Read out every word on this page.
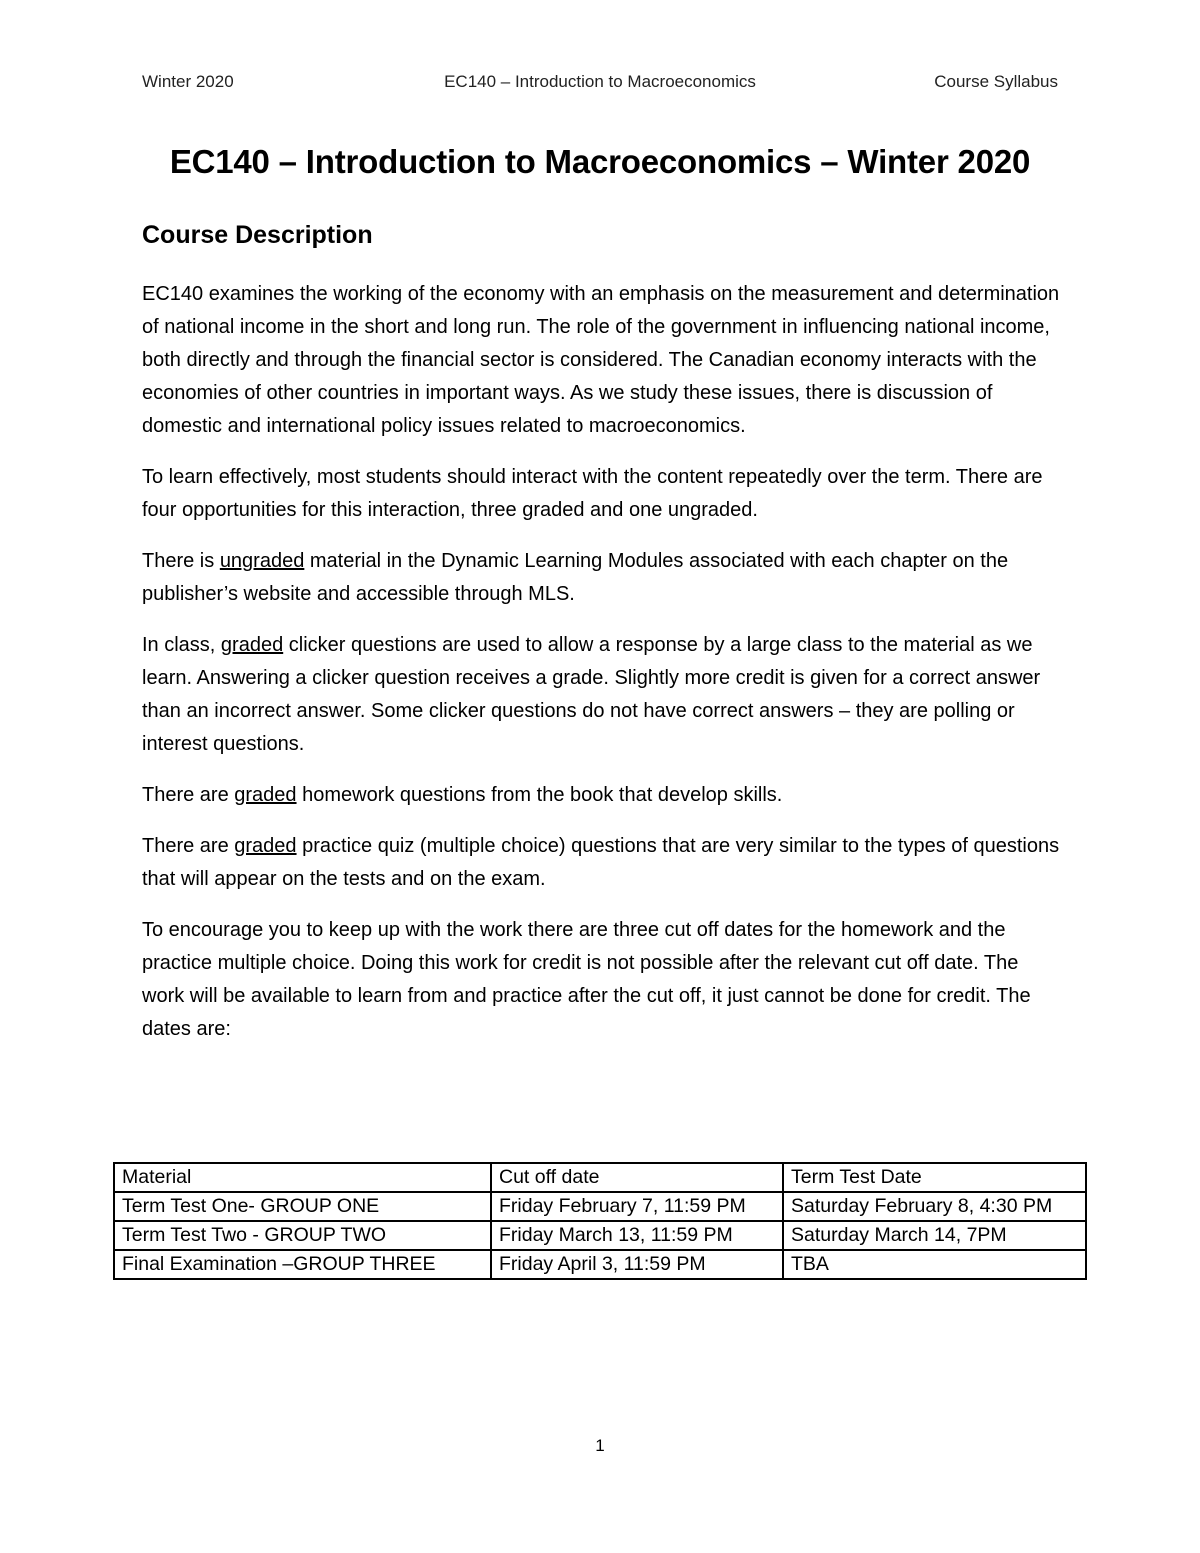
Winter 2020	EC140 – Introduction to Macroeconomics	Course Syllabus
EC140 – Introduction to Macroeconomics – Winter 2020
Course Description

EC140 examines the working of the economy with an emphasis on the measurement and determination of national income in the short and long run. The role of the government in influencing national income, both directly and through the financial sector is considered. The Canadian economy interacts with the economies of other countries in important ways. As we study these issues, there is discussion of domestic and international policy issues related to macroeconomics.

To learn effectively, most students should interact with the content repeatedly over the term. There are four opportunities for this interaction, three graded and one ungraded.

There is ungraded material in the Dynamic Learning Modules associated with each chapter on the publisher’s website and accessible through MLS.

In class, graded clicker questions are used to allow a response by a large class to the material as we learn. Answering a clicker question receives a grade. Slightly more credit is given for a correct answer than an incorrect answer. Some clicker questions do not have correct answers – they are polling or interest questions.

There are graded homework questions from the book that develop skills.

There are graded practice quiz (multiple choice) questions that are very similar to the types of questions that will appear on the tests and on the exam.

To encourage you to keep up with the work there are three cut off dates for the homework and the practice multiple choice. Doing this work for credit is not possible after the relevant cut off date. The work will be available to learn from and practice after the cut off, it just cannot be done for credit. The dates are:

Material	Cut off date	Term Test Date
Term Test One- GROUP ONE	Friday February 7, 11:59 PM	Saturday February 8, 4:30 PM
Term Test Two - GROUP TWO	Friday March 13, 11:59 PM	Saturday March 14, 7PM
Final Examination –GROUP THREE	Friday April 3, 11:59 PM	TBA
1
